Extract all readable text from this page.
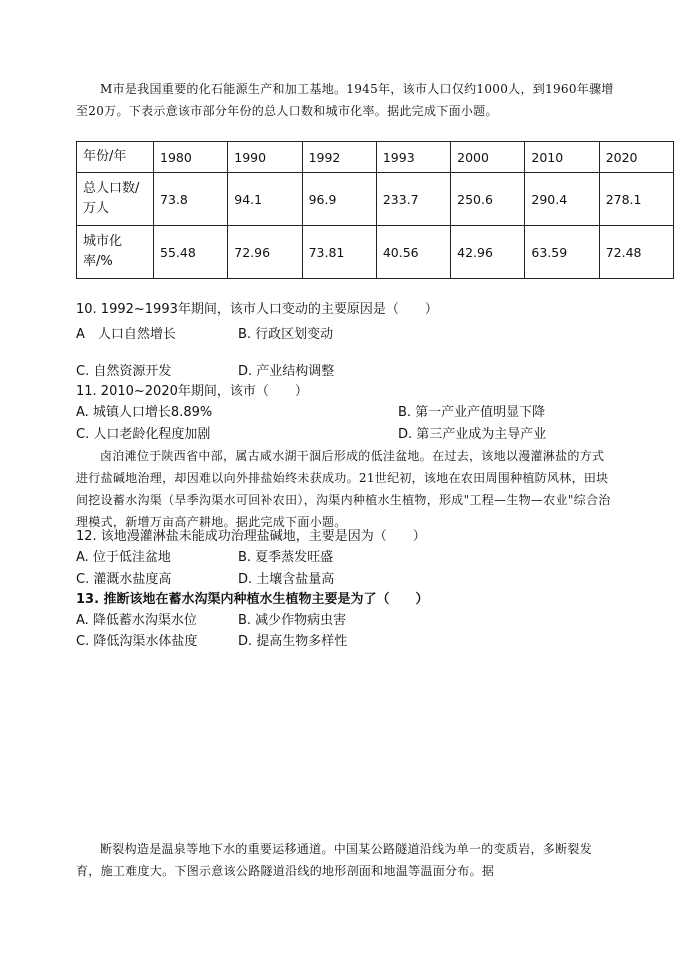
M市是我国重要的化石能源生产和加工基地。1945年，该市人口仅约1000人，到1960年骤增至20万。下表示意该市部分年份的总人口数和城市化率。据此完成下面小题。
年份/年	1980	1990	1992	1993	2000	2010	2020
总人口数/万人	73.8	94.1	96.9	233.7	250.6	290.4	278.1
城市化率/%	55.48	72.96	73.81	40.56	42.96	63.59	72.48
10. 1992~1993年期间，该市人口变动的主要原因是（　　）
A　人口自然增长	B. 行政区划变动
C. 自然资源开发	D. 产业结构调整
11. 2010~2020年期间，该市（　　）
A. 城镇人口增长8.89%	B. 第一产业产值明显下降
C. 人口老龄化程度加剧	D. 第三产业成为主导产业
卤泊滩位于陕西省中部，属古咸水湖干涸后形成的低洼盆地。在过去，该地以漫灌淋盐的方式进行盐碱地治理，却因难以向外排盐始终未获成功。21世纪初，该地在农田周围种植防风林，田块间挖设蓄水沟渠（旱季沟渠水可回补农田），沟渠内种植水生植物，形成"工程—生物—农业"综合治理模式，新增万亩高产耕地。据此完成下面小题。
12. 该地漫灌淋盐未能成功治理盐碱地，主要是因为（　　）
A. 位于低洼盆地	B. 夏季蒸发旺盛
C. 灌溉水盐度高	D. 土壤含盐量高
13. 推断该地在蓄水沟渠内种植水生植物主要是为了（　　）
A. 降低蓄水沟渠水位	B. 减少作物病虫害
C. 降低沟渠水体盐度	D. 提高生物多样性
断裂构造是温泉等地下水的重要运移通道。中国某公路隧道沿线为单一的变质岩，多断裂发育，施工难度大。下图示意该公路隧道沿线的地形剖面和地温等温面分布。据
